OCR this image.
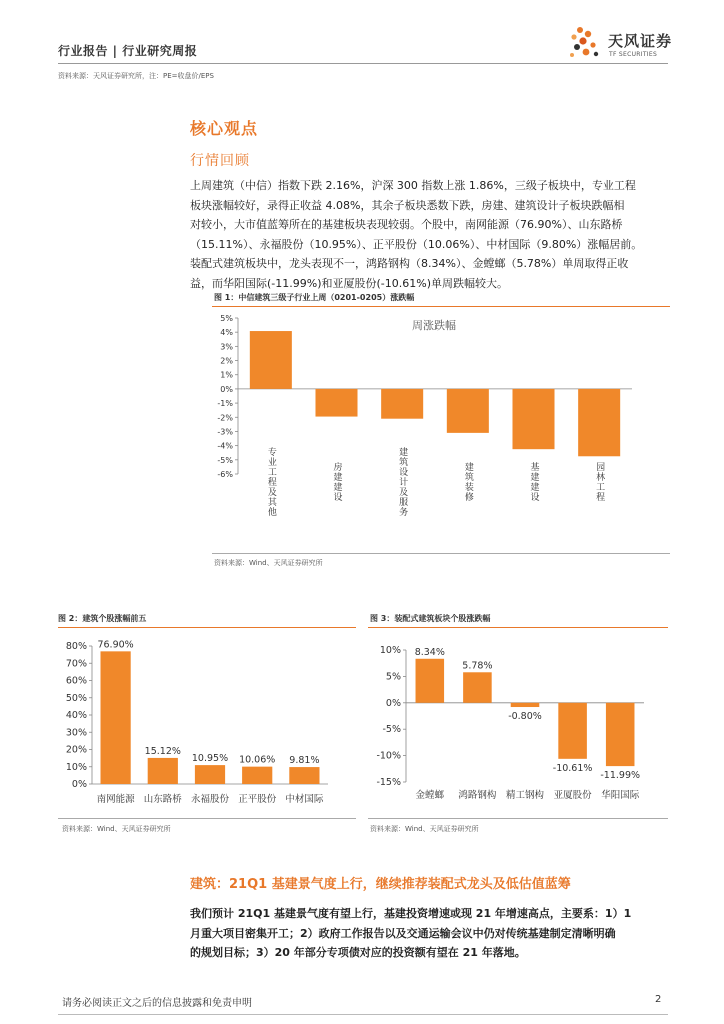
行业报告 | 行业研究周报
资料来源：天风证券研究所，注：PE=收盘价/EPS
天风证券
TF SECURITIES
核心观点
行情回顾

上周建筑（中信）指数下跌 2.16%，沪深 300 指数上涨 1.86%，三级子板块中，专业工程
板块涨幅较好，录得正收益 4.08%，其余子板块悉数下跌，房建、建筑设计子板块跌幅相
对较小，大市值蓝筹所在的基建板块表现较弱。个股中，南网能源（76.90%）、山东路桥
（15.11%）、永福股份（10.95%）、正平股份（10.06%）、中材国际（9.80%）涨幅居前。
装配式建筑板块中，龙头表现不一，鸿路钢构（8.34%）、金螳螂（5.78%）单周取得正收
益，而华阳国际(-11.99%)和亚厦股份(-10.61%)单周跌幅较大。

图 1：中信建筑三级子行业上周（0201-0205）涨跌幅
5%
4%
3%
2%
1%
0%
-1%
-2%
-3%
-4%
-5%
-6%	专业工程及其他	房建建设	建筑设计及服务	建筑装修	基建建设	园林工程
周涨跌幅
资料来源：Wind、天风证券研究所
图 2：建筑个股涨幅前五
80%
70%
60%
50%
40%
30%
20%
10%
0%
76.90%
南网能源
15.12%
山东路桥
10.95%
永福股份
10.06%
正平股份
9.81%
中材国际
资料来源：Wind、天风证券研究所
图 3：装配式建筑板块个股涨跌幅
10%
5%
0%
-5%
-10%
-15%
8.34%
金螳螂
5.78%
鸿路钢构
-0.80%
精工钢构
-10.61%
亚厦股份
-11.99%
华阳国际
资料来源：Wind、天风证券研究所
建筑：21Q1 基建景气度上行，继续推荐装配式龙头及低估值蓝筹

我们预计 21Q1 基建景气度有望上行，基建投资增速或现 21 年增速高点，主要系：1）1
月重大项目密集开工；2）政府工作报告以及交通运输会议中仍对传统基建制定清晰明确
的规划目标；3）20 年部分专项债对应的投资额有望在 21 年落地。

请务必阅读正文之后的信息披露和免责申明	2
